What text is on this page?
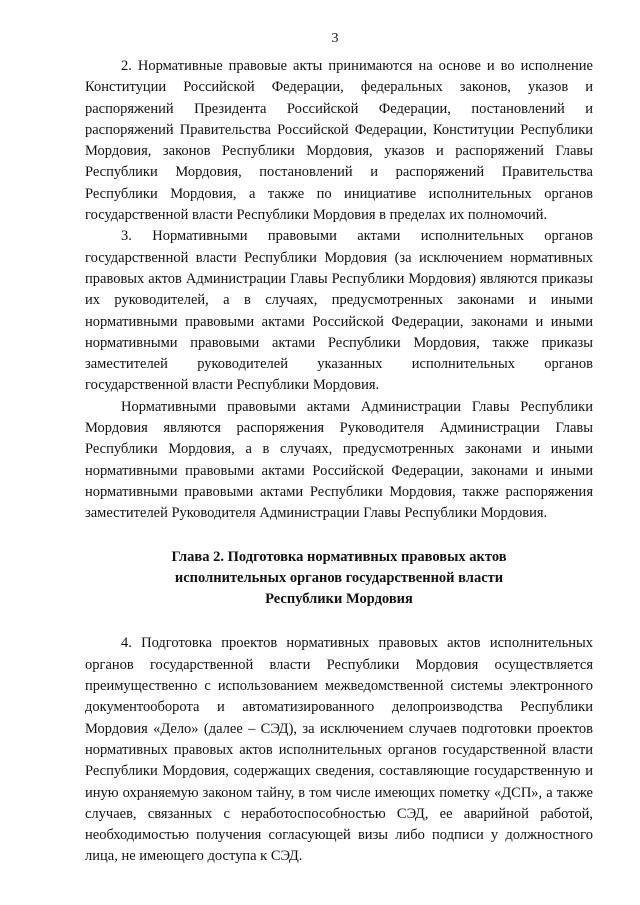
3

2. Нормативные правовые акты принимаются на основе и во исполнение Конституции Российской Федерации, федеральных законов, указов и распоряжений Президента Российской Федерации, постановлений и распоряжений Правительства Российской Федерации, Конституции Республики Мордовия, законов Республики Мордовия, указов и распоряжений Главы Республики Мордовия, постановлений и распоряжений Правительства Республики Мордовия, а также по инициативе исполнительных органов государственной власти Республики Мордовия в пределах их полномочий.

3. Нормативными правовыми актами исполнительных органов государственной власти Республики Мордовия (за исключением нормативных правовых актов Администрации Главы Республики Мордовия) являются приказы их руководителей, а в случаях, предусмотренных законами и иными нормативными правовыми актами Российской Федерации, законами и иными нормативными правовыми актами Республики Мордовия, также приказы заместителей руководителей указанных исполнительных органов государственной власти Республики Мордовия.

Нормативными правовыми актами Администрации Главы Республики Мордовия являются распоряжения Руководителя Администрации Главы Республики Мордовия, а в случаях, предусмотренных законами и иными нормативными правовыми актами Российской Федерации, законами и иными нормативными правовыми актами Республики Мордовия, также распоряжения заместителей Руководителя Администрации Главы Республики Мордовия.

Глава 2. Подготовка нормативных правовых актов
исполнительных органов государственной власти
Республики Мордовия

4. Подготовка проектов нормативных правовых актов исполнительных органов государственной власти Республики Мордовия осуществляется преимущественно с использованием межведомственной системы электронного документооборота и автоматизированного делопроизводства Республики Мордовия «Дело» (далее – СЭД), за исключением случаев подготовки проектов нормативных правовых актов исполнительных органов государственной власти Республики Мордовия, содержащих сведения, составляющие государственную и иную охраняемую законом тайну, в том числе имеющих пометку «ДСП», а также случаев, связанных с неработоспособностью СЭД, ее аварийной работой, необходимостью получения согласующей визы либо подписи у должностного лица, не имеющего доступа к СЭД.
